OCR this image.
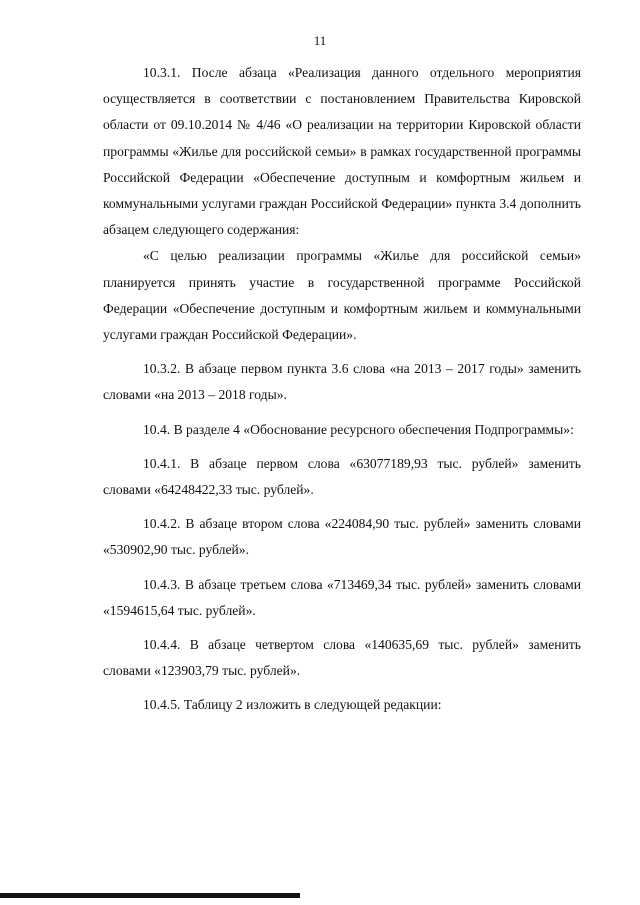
11

10.3.1. После абзаца «Реализация данного отдельного мероприятия осуществляется в соответствии с постановлением Правительства Кировской области от 09.10.2014 № 4/46 «О реализации на территории Кировской области программы «Жилье для российской семьи» в рамках государственной программы Российской Федерации «Обеспечение доступным и комфортным жильем и коммунальными услугами граждан Российской Федерации» пункта 3.4 дополнить абзацем следующего содержания:

«С целью реализации программы «Жилье для российской семьи» планируется принять участие в государственной программе Российской Федерации «Обеспечение доступным и комфортным жильем и коммунальными услугами граждан Российской Федерации».

10.3.2. В абзаце первом пункта 3.6 слова «на 2013 – 2017 годы» заменить словами «на 2013 – 2018 годы».

10.4. В разделе 4 «Обоснование ресурсного обеспечения Подпрограммы»:

10.4.1. В абзаце первом слова «63077189,93 тыс. рублей» заменить словами «64248422,33 тыс. рублей».

10.4.2. В абзаце втором слова «224084,90 тыс. рублей» заменить словами «530902,90 тыс. рублей».

10.4.3. В абзаце третьем слова «713469,34 тыс. рублей» заменить словами «1594615,64 тыс. рублей».

10.4.4. В абзаце четвертом слова «140635,69 тыс. рублей» заменить словами «123903,79 тыс. рублей».

10.4.5. Таблицу 2 изложить в следующей редакции:
